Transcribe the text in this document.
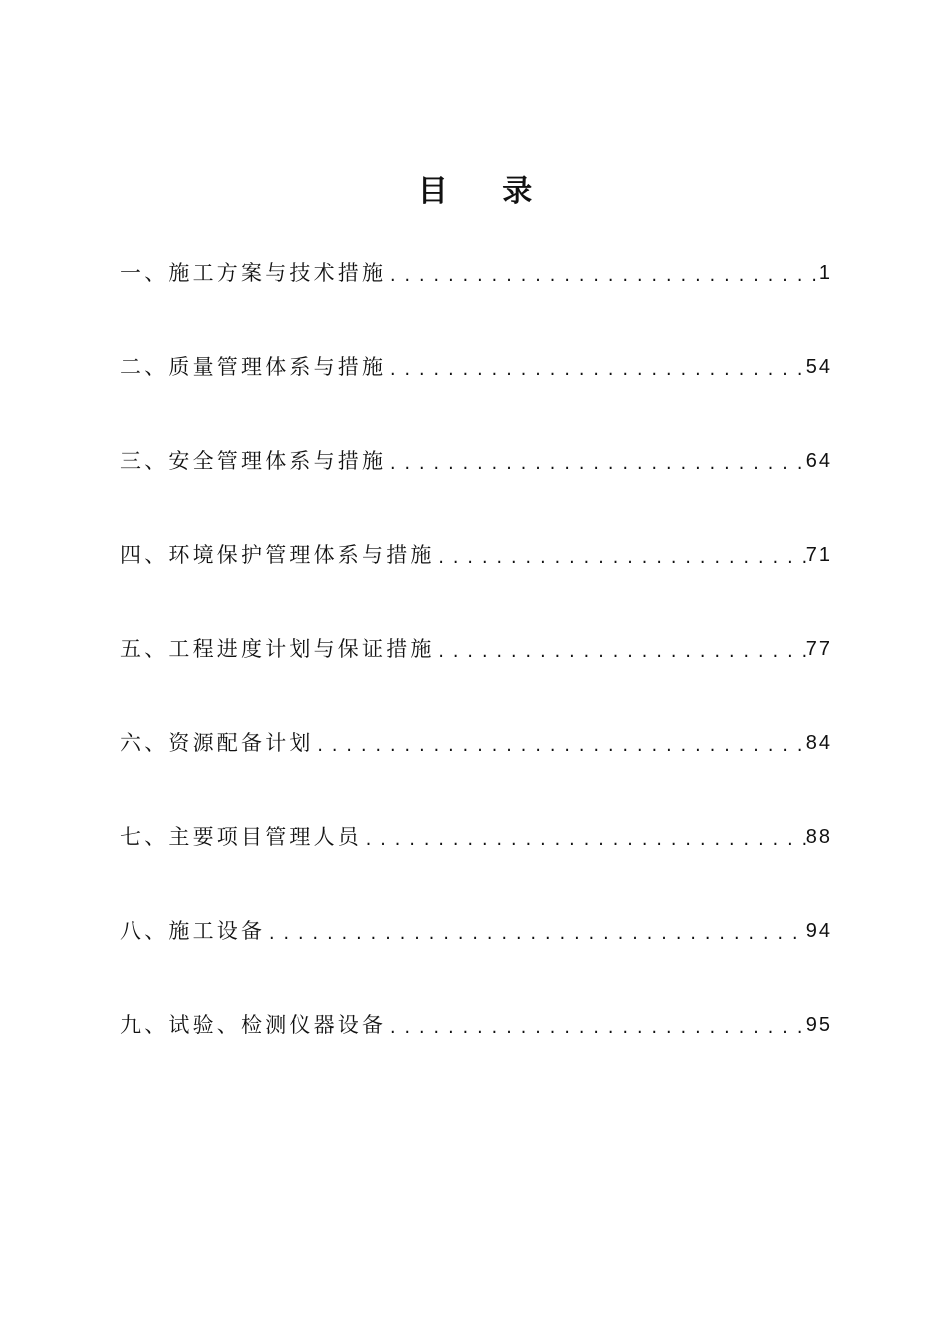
目 录
一、施工方案与技术措施 .....	1
二、质量管理体系与措施 .....	54
三、安全管理体系与措施 .....	64
四、环境保护管理体系与措施 .....	71
五、工程进度计划与保证措施 .....	77
六、资源配备计划 .....	84
七、主要项目管理人员 .....	88
八、施工设备 .....	94
九、试验、检测仪器设备 .....	95
